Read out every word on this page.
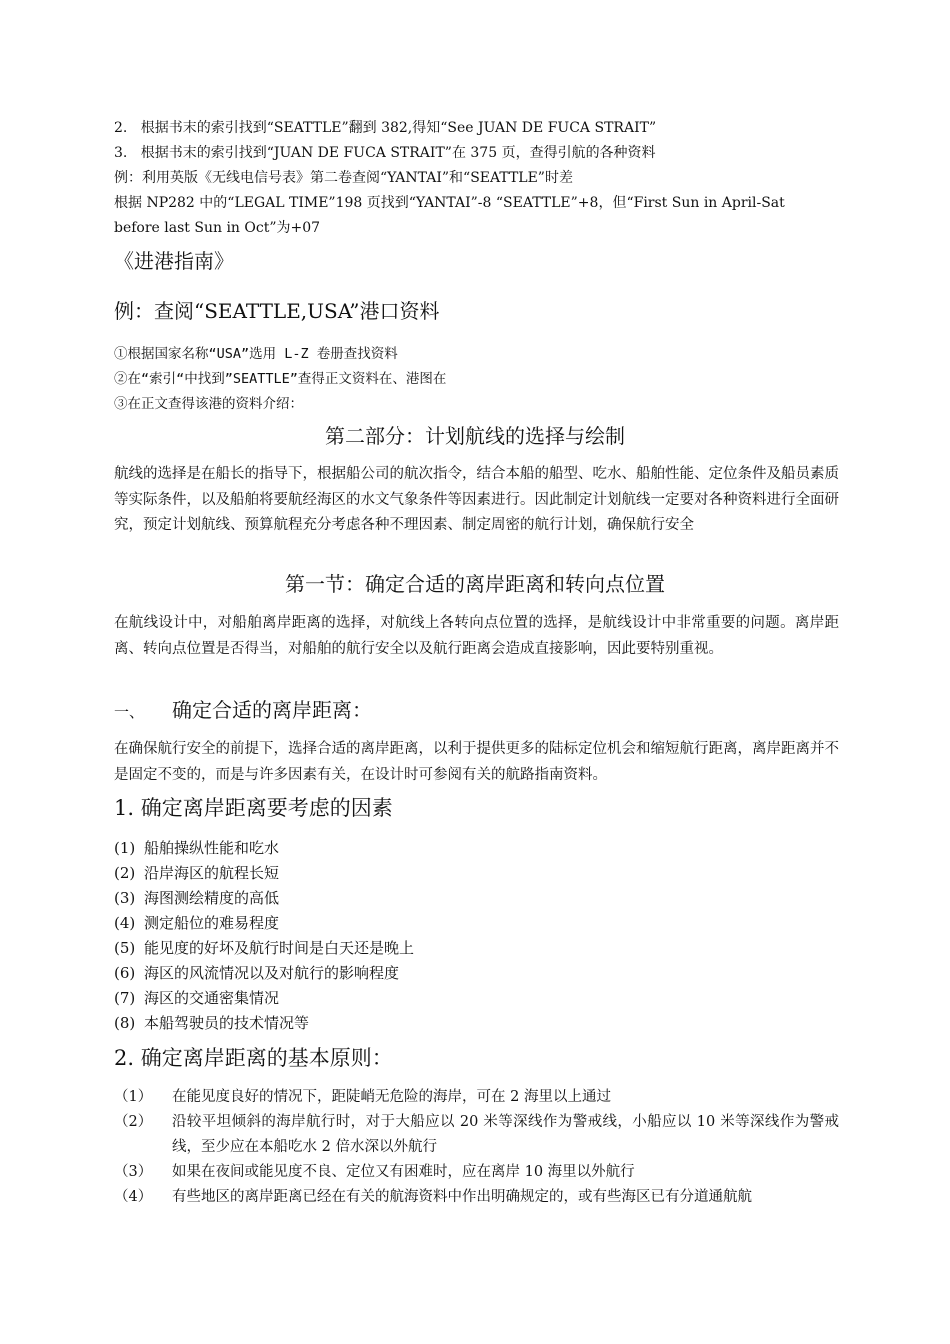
2.   根据书末的索引找到“SEATTLE”翻到 382,得知“See JUAN DE FUCA STRAIT”
3.   根据书末的索引找到“JUAN DE FUCA STRAIT”在 375 页，查得引航的各种资料
例：利用英版《无线电信号表》第二卷查阅“YANTAI”和“SEATTLE”时差
根据 NP282 中的“LEGAL TIME”198 页找到“YANTAI”-8 “SEATTLE”+8，但“First Sun in April-Sat
before last Sun in Oct”为+07
《进港指南》
例：查阅“SEATTLE,USA”港口资料
①根据国家名称“USA”选用 L-Z 卷册查找资料
②在“索引“中找到”SEATTLE”查得正文资料在、港图在
③在正文查得该港的资料介绍：
第二部分：计划航线的选择与绘制
航线的选择是在船长的指导下，根据船公司的航次指令，结合本船的船型、吃水、船舶性能、定位条件及船员素质等实际条件，以及船舶将要航经海区的水文气象条件等因素进行。因此制定计划航线一定要对各种资料进行全面研究，预定计划航线、预算航程充分考虑各种不理因素、制定周密的航行计划，确保航行安全
第一节：确定合适的离岸距离和转向点位置
在航线设计中，对船舶离岸距离的选择，对航线上各转向点位置的选择，是航线设计中非常重要的问题。离岸距离、转向点位置是否得当，对船舶的航行安全以及航行距离会造成直接影响，因此要特别重视。
一、 确定合适的离岸距离：
在确保航行安全的前提下，选择合适的离岸距离，以利于提供更多的陆标定位机会和缩短航行距离，离岸距离并不是固定不变的，而是与许多因素有关，在设计时可参阅有关的航路指南资料。
1. 确定离岸距离要考虑的因素
(1) 船舶操纵性能和吃水
(2) 沿岸海区的航程长短
(3) 海图测绘精度的高低
(4) 测定船位的难易程度
(5) 能见度的好坏及航行时间是白天还是晚上
(6) 海区的风流情况以及对航行的影响程度
(7) 海区的交通密集情况
(8) 本船驾驶员的技术情况等
2. 确定离岸距离的基本原则：
（1）	在能见度良好的情况下，距陡峭无危险的海岸，可在 2 海里以上通过
（2）	沿较平坦倾斜的海岸航行时，对于大船应以 20 米等深线作为警戒线，小船应以 10 米等深线作为警戒线，至少应在本船吃水 2 倍水深以外航行
（3）	如果在夜间或能见度不良、定位又有困难时，应在离岸 10 海里以外航行
（4）	有些地区的离岸距离已经在有关的航海资料中作出明确规定的，或有些海区已有分道通航航
